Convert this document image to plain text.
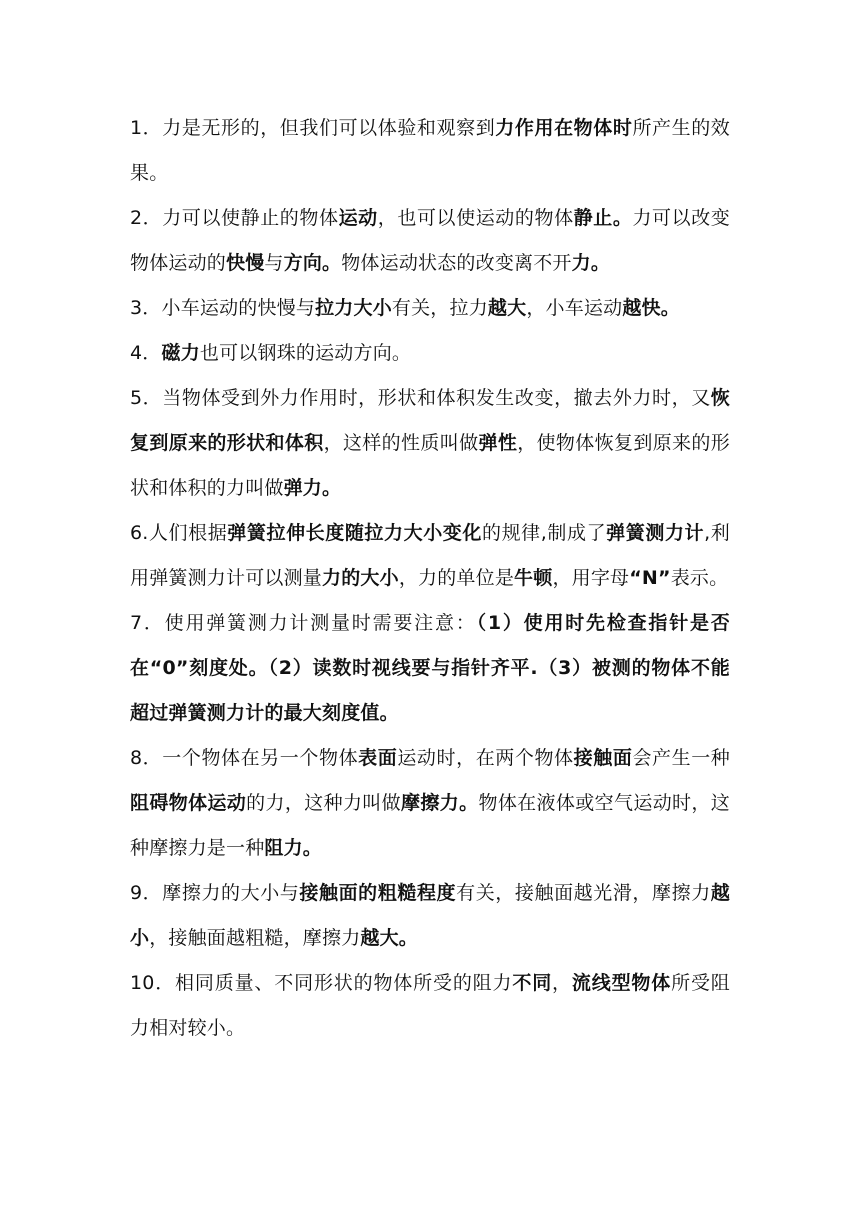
1．力是无形的，但我们可以体验和观察到力作用在物体时所产生的效果。

2．力可以使静止的物体运动，也可以使运动的物体静止。力可以改变物体运动的快慢与方向。物体运动状态的改变离不开力。

3．小车运动的快慢与拉力大小有关，拉力越大，小车运动越快。

4．磁力也可以钢珠的运动方向。

5．当物体受到外力作用时，形状和体积发生改变，撤去外力时，又恢复到原来的形状和体积，这样的性质叫做弹性，使物体恢复到原来的形状和体积的力叫做弹力。

6.人们根据弹簧拉伸长度随拉力大小变化的规律,制成了弹簧测力计,利用弹簧测力计可以测量力的大小，力的单位是牛顿，用字母“N”表示。

7．使用弹簧测力计测量时需要注意：（1）使用时先检查指针是否在“0”刻度处。（2）读数时视线要与指针齐平.（3）被测的物体不能超过弹簧测力计的最大刻度值。

8．一个物体在另一个物体表面运动时，在两个物体接触面会产生一种阻碍物体运动的力，这种力叫做摩擦力。物体在液体或空气运动时，这种摩擦力是一种阻力。

9．摩擦力的大小与接触面的粗糙程度有关，接触面越光滑，摩擦力越小，接触面越粗糙，摩擦力越大。

10．相同质量、不同形状的物体所受的阻力不同，流线型物体所受阻力相对较小。
